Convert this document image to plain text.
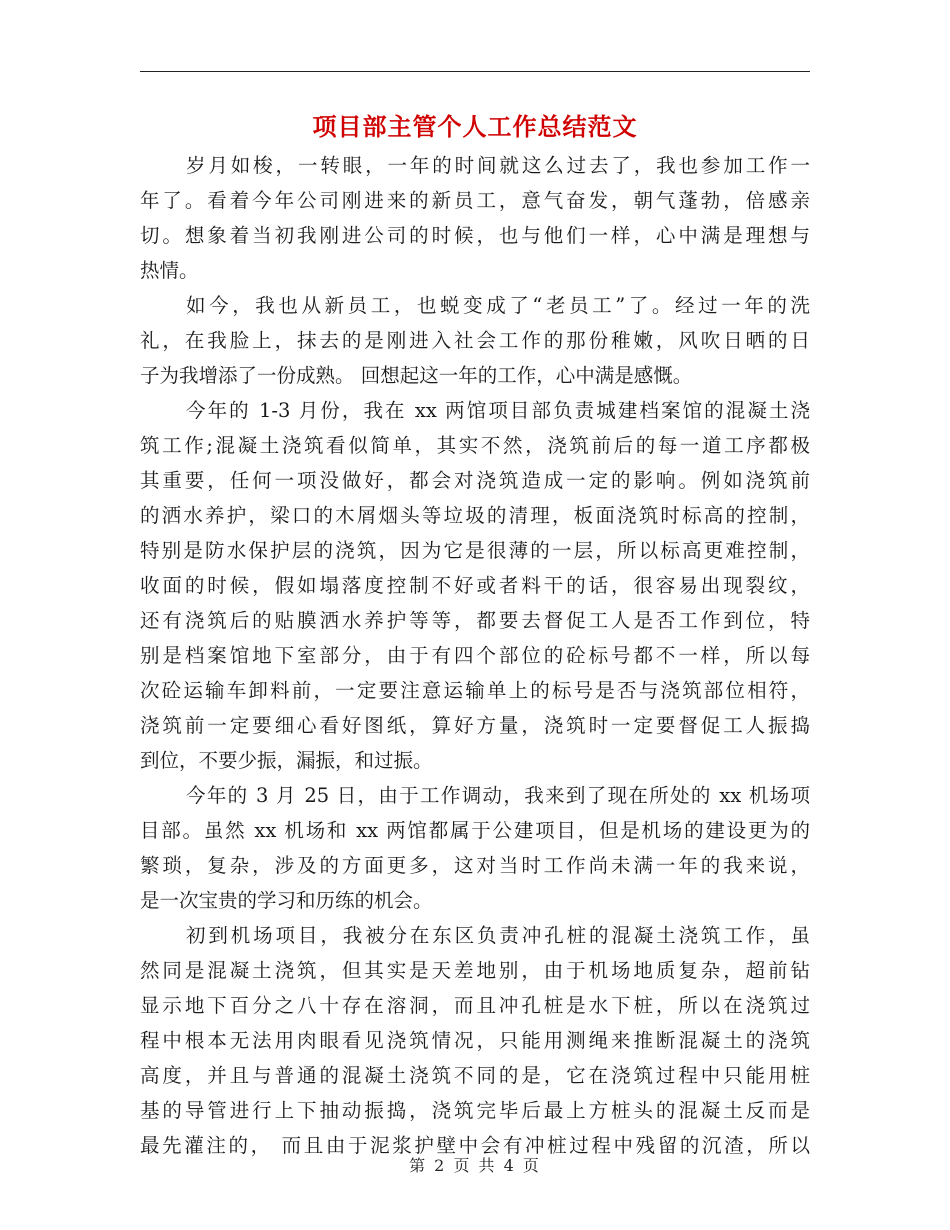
项目部主管个人工作总结范文
岁月如梭，一转眼，一年的时间就这么过去了，我也参加工作一
年了。看着今年公司刚进来的新员工，意气奋发，朝气蓬勃，倍感亲
切。想象着当初我刚进公司的时候，也与他们一样，心中满是理想与
热情。
如今，我也从新员工，也蜕变成了“老员工”了。经过一年的洗
礼，在我脸上，抹去的是刚进入社会工作的那份稚嫩，风吹日晒的日
子为我增添了一份成熟。 回想起这一年的工作，心中满是感慨。
今年的 1-3 月份，我在 xx 两馆项目部负责城建档案馆的混凝土浇
筑工作;混凝土浇筑看似简单，其实不然，浇筑前后的每一道工序都极
其重要，任何一项没做好，都会对浇筑造成一定的影响。例如浇筑前
的洒水养护，梁口的木屑烟头等垃圾的清理，板面浇筑时标高的控制，
特别是防水保护层的浇筑，因为它是很薄的一层，所以标高更难控制，
收面的时候，假如塌落度控制不好或者料干的话，很容易出现裂纹，
还有浇筑后的贴膜洒水养护等等，都要去督促工人是否工作到位，特
别是档案馆地下室部分，由于有四个部位的砼标号都不一样，所以每
次砼运输车卸料前，一定要注意运输单上的标号是否与浇筑部位相符，
浇筑前一定要细心看好图纸，算好方量，浇筑时一定要督促工人振捣
到位，不要少振，漏振，和过振。
今年的 3 月 25 日，由于工作调动，我来到了现在所处的 xx 机场项
目部。虽然 xx 机场和 xx 两馆都属于公建项目，但是机场的建设更为的
繁琐，复杂，涉及的方面更多，这对当时工作尚未满一年的我来说，
是一次宝贵的学习和历练的机会。
初到机场项目，我被分在东区负责冲孔桩的混凝土浇筑工作，虽
然同是混凝土浇筑，但其实是天差地别，由于机场地质复杂，超前钻
显示地下百分之八十存在溶洞，而且冲孔桩是水下桩，所以在浇筑过
程中根本无法用肉眼看见浇筑情况，只能用测绳来推断混凝土的浇筑
高度，并且与普通的混凝土浇筑不同的是，它在浇筑过程中只能用桩
基的导管进行上下抽动振捣，浇筑完毕后最上方桩头的混凝土反而是
最先灌注的， 而且由于泥浆护壁中会有冲桩过程中残留的沉渣，所以
第 2 页 共 4 页
